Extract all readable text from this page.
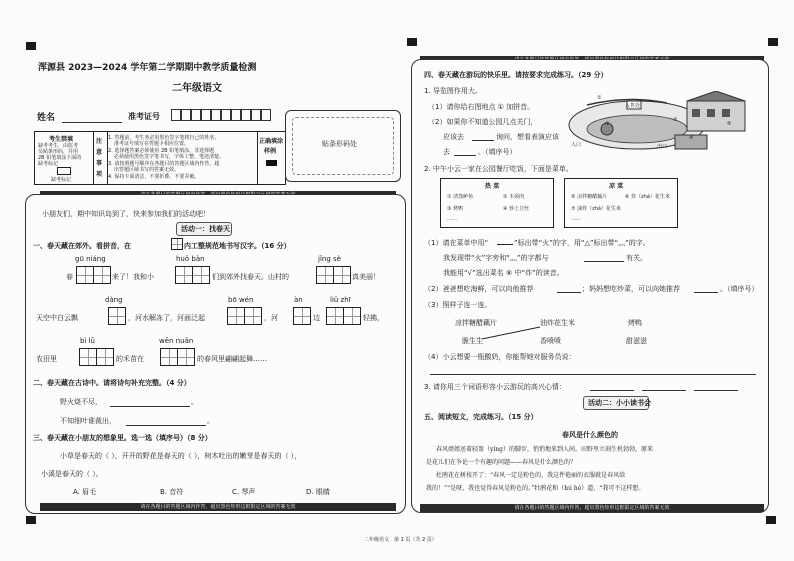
浑源县 2023—2024 学年第二学期期中教学质量检测
二年级语文
姓名	准考证号
考生禁填
缺考考生，由监考
员贴条形码，并用
2B 铅笔填涂下面的
缺考标记
缺考标记
注意事项
1. 答题前，考生务必用黑色签字笔将自己的姓名、
准考证号填写在答题卡相应位置。
2. 选择题答案必须使用 2B 铅笔填涂，非选择题
必须使用黑色签字笔书写，字体工整，笔迹清楚。
3. 请按照题号顺序在各题目的答题区域内作答，超
出答题区域书写的答案无效。
4. 保持卡面清洁，不要折叠、不要弄破。
正确填涂
样例
贴条形码处
请在各题目的答题区域内作答，超出黑色矩形边框限定区域的答案无效
小朋友们，期中知识岛到了，快来参加我们的活动吧！
活动一：找春天
一、春天藏在郊外。看拼音，在	内工整规范地书写汉字。（16 分）
gū niáng	huǒ bàn	jǐng sè
春	来了！我和小	们到郊外找春天。山村的	真美丽！
dàng	bō wén	àn	liǔ zhī
天空中白云飘	，河水解冻了，河面泛起	，河	边	轻拂，
bì lǜ	wēn nuǎn
农田里	的禾苗在	的春风里翩翩起舞……
二、春天藏在古诗中。请将诗句补充完整。（4 分）
野火烧不尽，	。
不知细叶谁裁出，	。
三、春天藏在小朋友的想象里。选一选（填序号）（8 分）
小草是春天的（ ），开开的野花是春天的（ ），树木吐出的嫩芽是春天的（ ），
小溪是春天的（ ）。
A. 眉毛	B. 音符	C. 琴声	D. 眼睛
请在各题目的答题区域内作答，超出黑色矩形边框限定区域的答案无效
四、春天藏在游玩的快乐里。请按要求完成练习。（29 分）
1. 导览图作用大。
（1）请你给右图地点 ① 加拼音。
（2）如果你不知道公园几点关门，
应该去	询问，想看表演应该
去	。（填序号）
①
入售处
②
③
④
⑤
入口	出口
2. 中午小云一家在公园餐厅吃饭，下面是菜单。
热 菜
① 清蒸鲈鱼	② 木须肉
③ 烤鸭	④ 炒土豆丝
……
凉 菜
⑤ 凉拌糖醋藕片	⑥ 炸（zhá）花生米
⑦ 油炸（zhá）花生米
……
（1）请在菜单中用“	”标出带“火”的字，用“△”标出带“灬”的字。
我发现带“火”字旁和“灬”的字都与	有关。
我能用“√”选出菜名 ⑥ 中“炸”的读音。
（2）爸爸想吃海鲜，可以向他推荐	；妈妈想吃炒菜，可以向她推荐	。（填序号）
（3）照样子连一连。
凉拌糖醋藕片	油炸花生米	烤鸭
脆生生	香喷喷	甜滋滋
（4）小云想要一瓶酸奶，你能帮她对服务员说：
3. 请你用三个词语形容小云游玩的高兴心情：
活动二：小小读书会
五、阅读短文，完成练习。（15 分）
春风是什么颜色的
春风姐姐送着轻盈（yíng）的脚步，悄悄地来到人间。田野里立刻生机勃勃，原来
是花儿们在争论一个有趣的问题——春风是什么颜色的？
杜鹃花在树枝开了：“春风一定是粉色的，我这件艳丽的衣服就是春风给
我的！”“是呀，我也觉得春风是粉色的。”牡鹃花和（hú hé）道，“我可不这样想。
二年级语文　第 1 页（共 2 页）
